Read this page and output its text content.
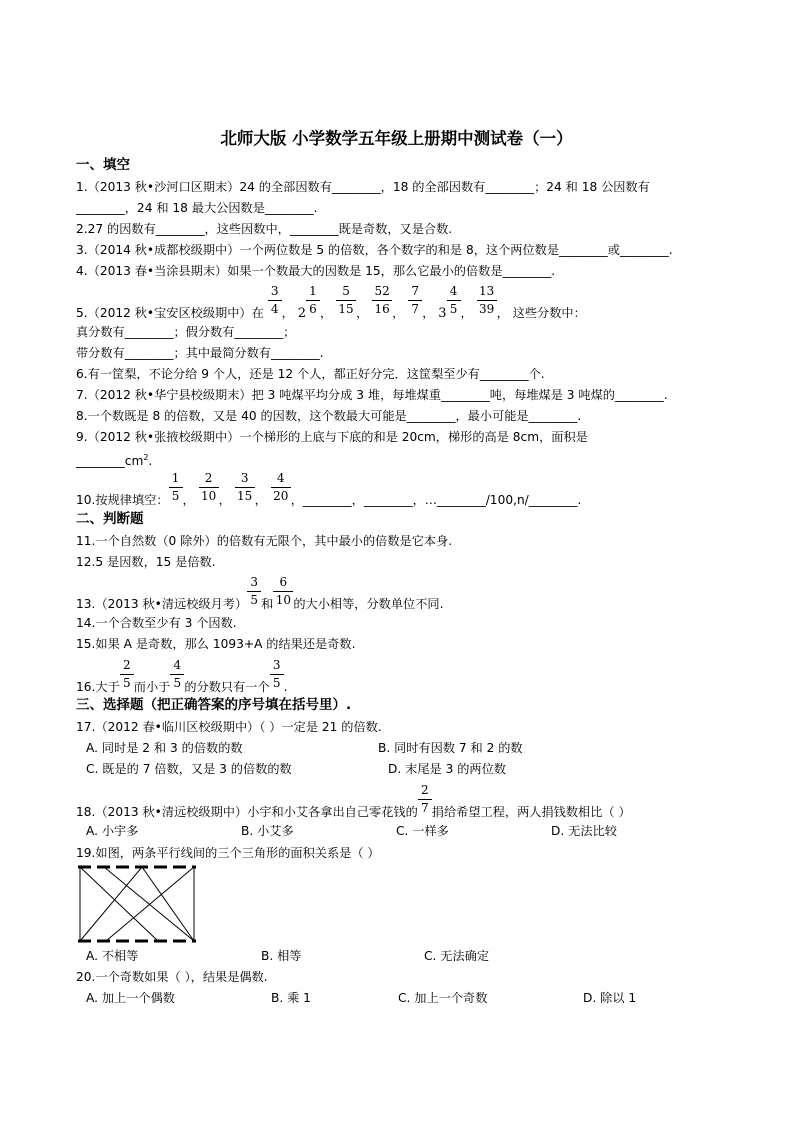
北师大版 小学数学五年级上册期中测试卷（一）
一、填空
1.（2013 秋•沙河口区期末）24 的全部因数有________，18 的全部因数有________；24 和 18 公因数有
________，24 和 18 最大公因数是________.
2.27 的因数有________，这些因数中，________既是奇数，又是合数.
3.（2014 秋•成都校级期中）一个两位数是 5 的倍数，各个数字的和是 8，这个两位数是________或________.
4.（2013 春•当涂县期末）如果一个数最大的因数是 15，那么它最小的倍数是________.
5.（2012 秋•宝安区校级期中）在 $\frac{3}{4}$ ， $2 \frac{1}{6}$ ， $\frac{5}{15}$ ， $\frac{52}{16}$ ， $\frac{7}{7}$ ， $3 \frac{4}{5}$ ， $\frac{13}{39}$ ， 这些分数中：
真分数有________；假分数有________；
带分数有________；其中最简分数有________.
6.有一筐梨，不论分给 9 个人，还是 12 个人，都正好分完．这筐梨至少有________个.
7.（2012 秋•华宁县校级期末）把 3 吨煤平均分成 3 堆，每堆煤重________吨，每堆煤是 3 吨煤的________.
8.一个数既是 8 的倍数，又是 40 的因数，这个数最大可能是________，最小可能是________.
9.（2012 秋•张掖校级期中）一个梯形的上底与下底的和是 20cm，梯形的高是 8cm，面积是
$\_\_\_\_\_\_\_\_cm^2$.
10.按规律填空： $\frac{1}{5}$ ， $\frac{2}{10}$ ， $\frac{3}{15}$ ， $\frac{4}{20}$ ，________，________，…________/100,n/________.
二、判断题
11.一个自然数（0 除外）的倍数有无限个，其中最小的倍数是它本身.
12.5 是因数，15 是倍数.
13.（2013 秋•清远校级月考） $\frac{3}{5}$ 和 $\frac{6}{10}$ 的大小相等，分数单位不同.
14.一个合数至少有 3 个因数.
15.如果 A 是奇数，那么 1093+A 的结果还是奇数.
16.大于 $\frac{2}{5}$ 而小于 $\frac{4}{5}$ 的分数只有一个 $\frac{3}{5}$ .
三、选择题（把正确答案的序号填在括号里）.
17.（2012 春•临川区校级期中）（ ）一定是 21 的倍数.
A. 同时是 2 和 3 的倍数的数	B. 同时有因数 7 和 2 的数
C. 既是的 7 倍数，又是 3 的倍数的数	D. 末尾是 3 的两位数
18.（2013 秋•清远校级期中）小宇和小艾各拿出自己零花钱的 $\frac{2}{7}$ 捐给希望工程，两人捐钱数相比（ ）
A. 小宇多	B. 小艾多	C. 一样多	D. 无法比较
19.如图，两条平行线间的三个三角形的面积关系是（ ）
A. 不相等	B. 相等	C. 无法确定
20.一个奇数如果（ ），结果是偶数.
A. 加上一个偶数	B. 乘 1	C. 加上一个奇数	D. 除以 1
